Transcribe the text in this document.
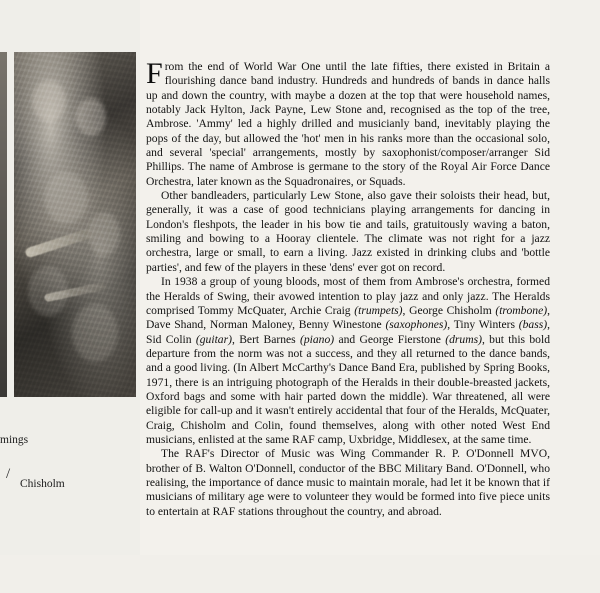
mings
/
Chisholm

From the end of World War One until the late fifties, there existed in Britain a flourishing dance band industry. Hundreds and hundreds of bands in dance halls up and down the country, with maybe a dozen at the top that were household names, notably Jack Hylton, Jack Payne, Lew Stone and, recognised as the top of the tree, Ambrose. 'Ammy' led a highly drilled and musicianly band, inevitably playing the pops of the day, but allowed the 'hot' men in his ranks more than the occasional solo, and several 'special' arrangements, mostly by saxophonist/composer/arranger Sid Phillips. The name of Ambrose is germane to the story of the Royal Air Force Dance Orchestra, later known as the Squadronaires, or Squads.

Other bandleaders, particularly Lew Stone, also gave their soloists their head, but, generally, it was a case of good technicians playing arrangements for dancing in London's fleshpots, the leader in his bow tie and tails, gratuitously waving a baton, smiling and bowing to a Hooray clientele. The climate was not right for a jazz orchestra, large or small, to earn a living. Jazz existed in drinking clubs and 'bottle parties', and few of the players in these 'dens' ever got on record.

In 1938 a group of young bloods, most of them from Ambrose's orchestra, formed the Heralds of Swing, their avowed intention to play jazz and only jazz. The Heralds comprised Tommy McQuater, Archie Craig (trumpets), George Chisholm (trombone), Dave Shand, Norman Maloney, Benny Winestone (saxophones), Tiny Winters (bass), Sid Colin (guitar), Bert Barnes (piano) and George Fierstone (drums), but this bold departure from the norm was not a success, and they all returned to the dance bands, and a good living. (In Albert McCarthy's Dance Band Era, published by Spring Books, 1971, there is an intriguing photograph of the Heralds in their double-breasted jackets, Oxford bags and some with hair parted down the middle). War threatened, all were eligible for call-up and it wasn't entirely accidental that four of the Heralds, McQuater, Craig, Chisholm and Colin, found themselves, along with other noted West End musicians, enlisted at the same RAF camp, Uxbridge, Middlesex, at the same time.

The RAF's Director of Music was Wing Commander R. P. O'Donnell MVO, brother of B. Walton O'Donnell, conductor of the BBC Military Band. O'Donnell, who realising, the importance of dance music to maintain morale, had let it be known that if musicians of military age were to volunteer they would be formed into five piece units to entertain at RAF stations throughout the country, and abroad.
